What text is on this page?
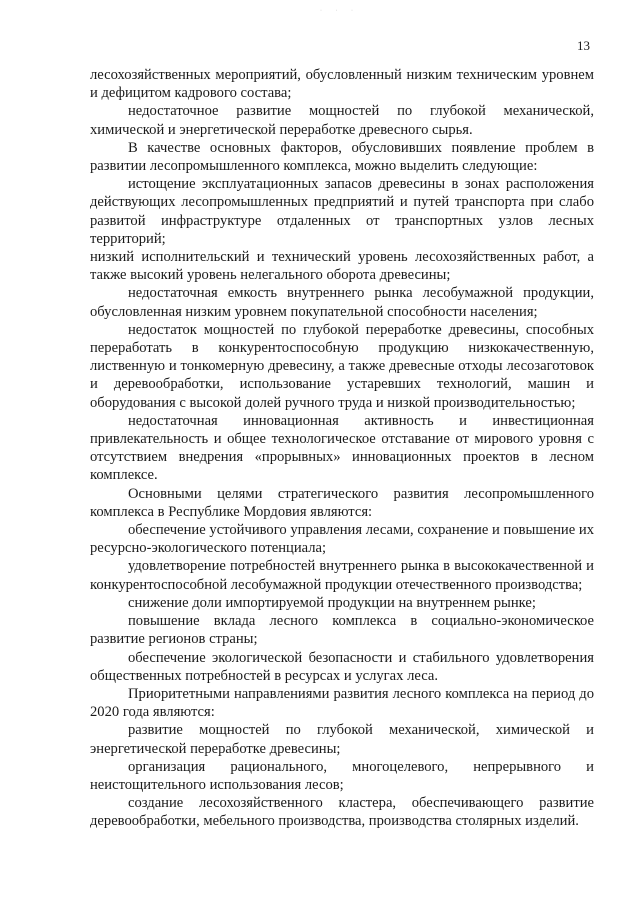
· · ·
13

лесохозяйственных мероприятий, обусловленный низким техническим уровнем и дефицитом кадрового состава;

недостаточное развитие мощностей по глубокой механической, химической и энергетической переработке древесного сырья.

В качестве основных факторов, обусловивших появление проблем в развитии лесопромышленного комплекса, можно выделить следующие:

истощение эксплуатационных запасов древесины в зонах расположения действующих лесопромышленных предприятий и путей транспорта при слабо развитой инфраструктуре отдаленных от транспортных узлов лесных территорий;

низкий исполнительский и технический уровень лесохозяйственных работ, а также высокий уровень нелегального оборота древесины;

недостаточная емкость внутреннего рынка лесобумажной продукции, обусловленная низким уровнем покупательной способности населения;

недостаток мощностей по глубокой переработке древесины, способных переработать в конкурентоспособную продукцию низкокачественную, лиственную и тонкомерную древесину, а также древесные отходы лесозаготовок и деревообработки, использование устаревших технологий, машин и оборудования с высокой долей ручного труда и низкой производительностью;

недостаточная инновационная активность и инвестиционная привлекательность и общее технологическое отставание от мирового уровня с отсутствием внедрения «прорывных» инновационных проектов в лесном комплексе.

Основными целями стратегического развития лесопромышленного комплекса в Республике Мордовия являются:

обеспечение устойчивого управления лесами, сохранение и повышение их ресурсно-экологического потенциала;

удовлетворение потребностей внутреннего рынка в высококачественной и конкурентоспособной лесобумажной продукции отечественного производства;

снижение доли импортируемой продукции на внутреннем рынке;

повышение вклада лесного комплекса в социально-экономическое развитие регионов страны;

обеспечение экологической безопасности и стабильного удовлетворения общественных потребностей в ресурсах и услугах леса.

Приоритетными направлениями развития лесного комплекса на период до 2020 года являются:

развитие мощностей по глубокой механической, химической и энергетической переработке древесины;

организация рационального, многоцелевого, непрерывного и неистощительного использования лесов;

создание лесохозяйственного кластера, обеспечивающего развитие деревообработки, мебельного производства, производства столярных изделий.
